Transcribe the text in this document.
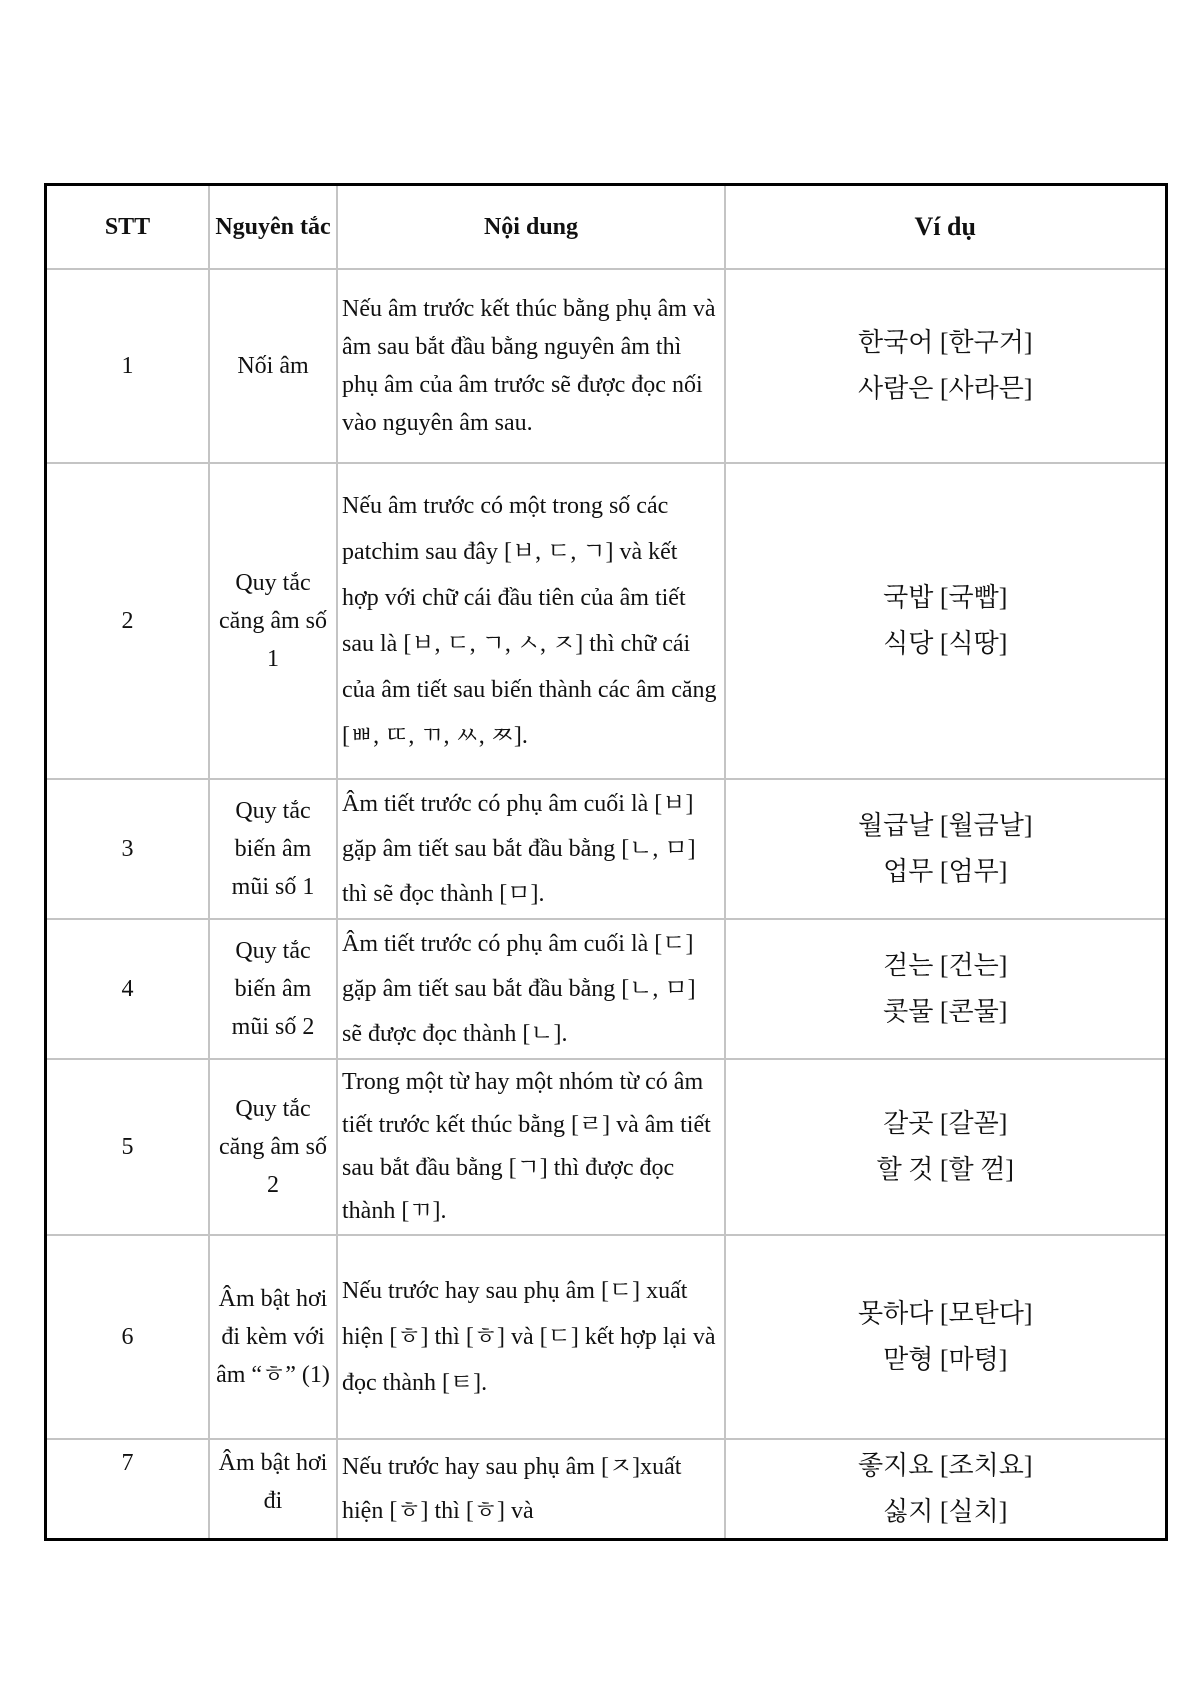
STT	Nguyên tắc	Nội dung	Ví dụ
1	Nối âm	Nếu âm trước kết thúc bằng phụ âm và âm sau bắt đầu bằng nguyên âm thì phụ âm của âm trước sẽ được đọc nối vào nguyên âm sau.	한국어 [한구거]
사람은 [사라믄]

2	Quy tắc căng âm số 1	Nếu âm trước có một trong số các patchim sau đây [ㅂ, ㄷ, ㄱ] và kết hợp với chữ cái đầu tiên của âm tiết sau là [ㅂ, ㄷ, ㄱ, ㅅ, ㅈ] thì chữ cái của âm tiết sau biến thành các âm căng [ㅃ, ㄸ, ㄲ, ㅆ, ㅉ].	국밥 [국빱]
식당 [식땅]

3	Quy tắc biến âm mũi số 1	Âm tiết trước có phụ âm cuối là [ㅂ] gặp âm tiết sau bắt đầu bằng [ㄴ, ㅁ] thì sẽ đọc thành [ㅁ].	월급날 [월금날]
업무 [엄무]

4	Quy tắc biến âm mũi số 2	Âm tiết trước có phụ âm cuối là [ㄷ] gặp âm tiết sau bắt đầu bằng [ㄴ, ㅁ] sẽ được đọc thành [ㄴ].	걷는 [건는]
콧물 [콘물]

5	Quy tắc căng âm số 2	Trong một từ hay một nhóm từ có âm tiết trước kết thúc bằng [ㄹ] và âm tiết sau bắt đầu bằng [ㄱ] thì được đọc thành [ㄲ].	갈곳 [갈꼳]
할 것 [할 껃]

6	Âm bật hơi đi kèm với âm “ㅎ” (1)	Nếu trước hay sau phụ âm [ㄷ] xuất hiện [ㅎ] thì [ㅎ] và [ㄷ] kết hợp lại và đọc thành [ㅌ].	못하다 [모탄다]
맏형 [마텽]

7	Âm bật hơi đi	Nếu trước hay sau phụ âm [ㅈ]xuất hiện [ㅎ] thì [ㅎ] và	좋지요 [조치요]
싫지 [실치]
